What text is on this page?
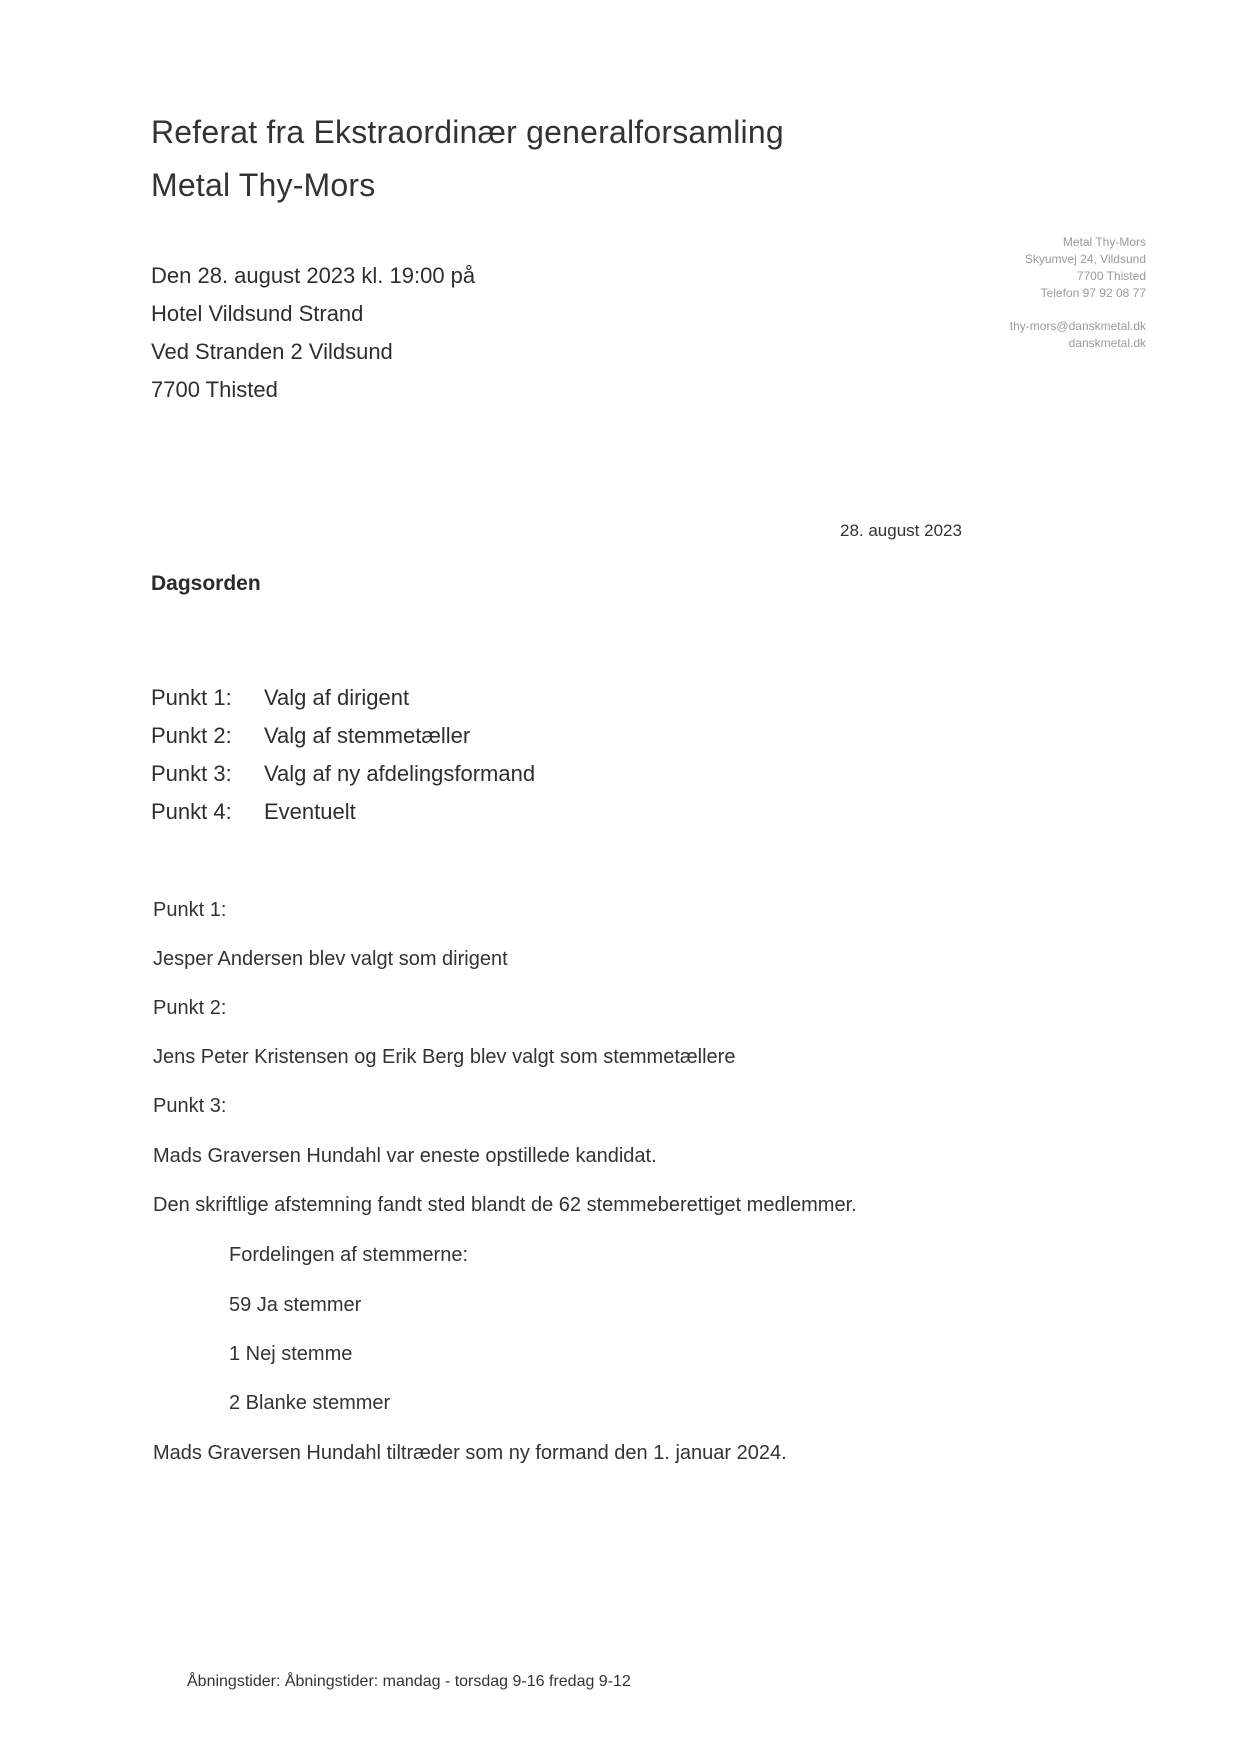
Referat fra Ekstraordinær generalforsamling
Metal Thy-Mors
Den 28. august 2023 kl. 19:00 på
Hotel Vildsund Strand
Ved Stranden 2 Vildsund
7700 Thisted
Metal Thy-Mors
Skyumvej 24, Vildsund
7700 Thisted
Telefon 97 92 08 77
thy-mors@danskmetal.dk
danskmetal.dk
28. august 2023
Dagsorden
Punkt 1: Valg af dirigent
Punkt 2: Valg af stemmetæller
Punkt 3: Valg af ny afdelingsformand
Punkt 4: Eventuelt
Punkt 1:
Jesper Andersen blev valgt som dirigent
Punkt 2:
Jens Peter Kristensen og Erik Berg blev valgt som stemmetællere
Punkt 3:
Mads Graversen Hundahl var eneste opstillede kandidat.
Den skriftlige afstemning fandt sted blandt de 62 stemmeberettiget medlemmer.
Fordelingen af stemmerne:
59 Ja stemmer
1 Nej stemme
2 Blanke stemmer
Mads Graversen Hundahl tiltræder som ny formand den 1. januar 2024.
Åbningstider: Åbningstider: mandag - torsdag 9-16 fredag 9-12
